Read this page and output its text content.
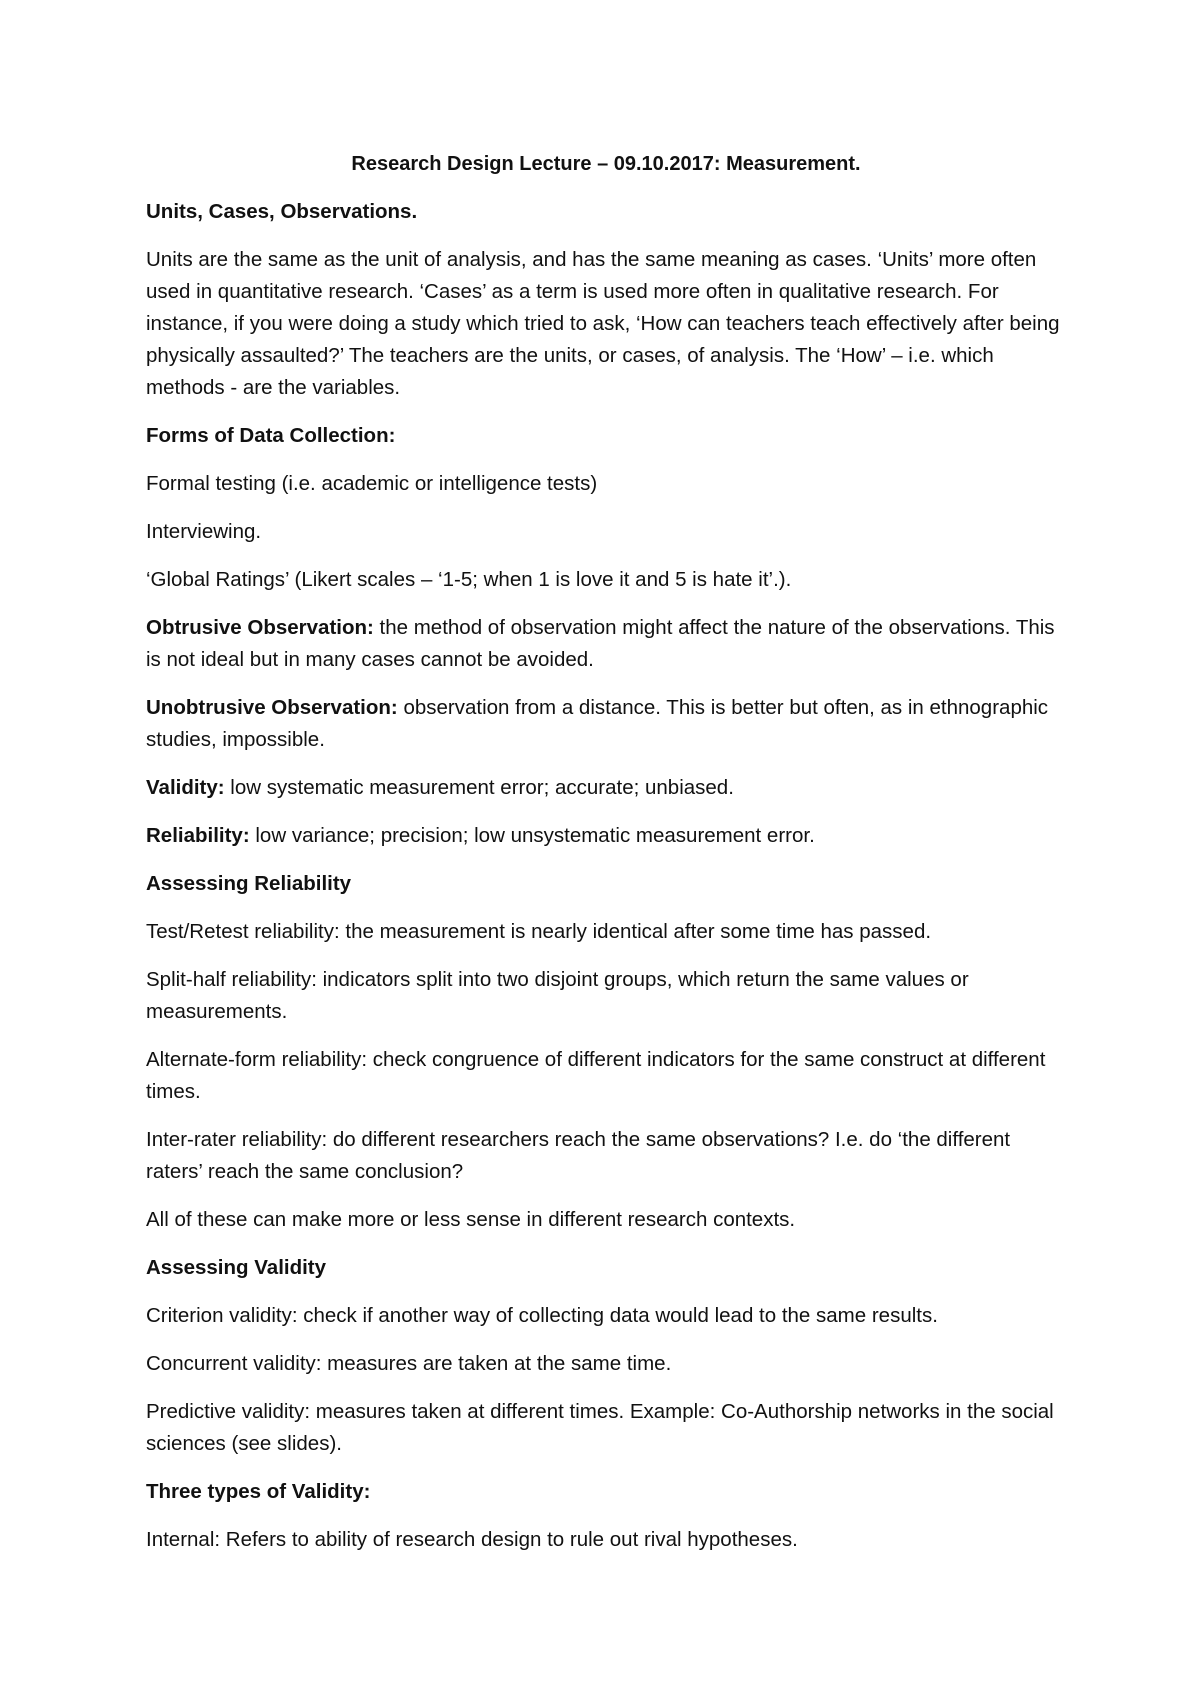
Research Design Lecture – 09.10.2017: Measurement.

Units, Cases, Observations.

Units are the same as the unit of analysis, and has the same meaning as cases. ‘Units’ more often used in quantitative research. ‘Cases’ as a term is used more often in qualitative research. For instance, if you were doing a study which tried to ask, ‘How can teachers teach effectively after being physically assaulted?’ The teachers are the units, or cases, of analysis. The ‘How’ – i.e. which methods - are the variables.

Forms of Data Collection:

Formal testing (i.e. academic or intelligence tests)

Interviewing.

‘Global Ratings’ (Likert scales – ‘1-5; when 1 is love it and 5 is hate it’.).

Obtrusive Observation: the method of observation might affect the nature of the observations. This is not ideal but in many cases cannot be avoided.

Unobtrusive Observation: observation from a distance. This is better but often, as in ethnographic studies, impossible.

Validity: low systematic measurement error; accurate; unbiased.

Reliability: low variance; precision; low unsystematic measurement error.

Assessing Reliability

Test/Retest reliability: the measurement is nearly identical after some time has passed.

Split-half reliability: indicators split into two disjoint groups, which return the same values or measurements.

Alternate-form reliability: check congruence of different indicators for the same construct at different times.

Inter-rater reliability: do different researchers reach the same observations? I.e. do ‘the different raters’ reach the same conclusion?

All of these can make more or less sense in different research contexts.

Assessing Validity

Criterion validity: check if another way of collecting data would lead to the same results.

Concurrent validity: measures are taken at the same time.

Predictive validity: measures taken at different times. Example: Co-Authorship networks in the social sciences (see slides).

Three types of Validity:

Internal: Refers to ability of research design to rule out rival hypotheses.
